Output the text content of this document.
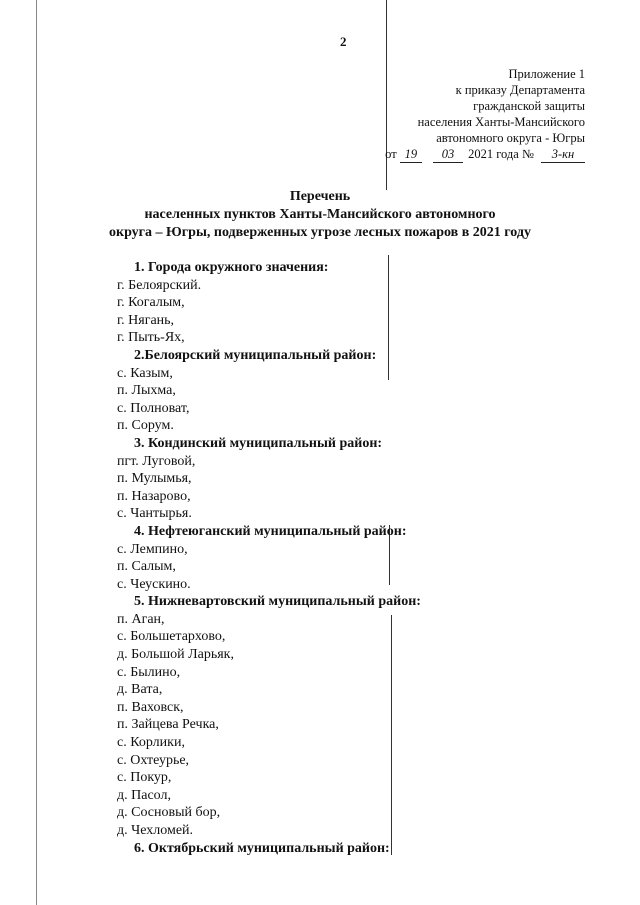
2
Приложение 1
к приказу Департамента
гражданской защиты
населения Ханты-Мансийского
автономного округа - Югры
от 19 03 2021 года № 3-кн
Перечень
населенных пунктов Ханты-Мансийского автономного
округа – Югры, подверженных угрозе лесных пожаров в 2021 году
1. Города окружного значения:
г. Белоярский.
г. Когалым,
г. Нягань,
г. Пыть-Ях,
2.Белоярский муниципальный район:
с. Казым,
п. Лыхма,
с. Полноват,
п. Сорум.
3. Кондинский муниципальный район:
пгт. Луговой,
п. Мулымья,
п. Назарово,
с. Чантырья.
4. Нефтеюганский муниципальный район:
с. Лемпино,
п. Салым,
с. Чеускино.
5. Нижневартовский муниципальный район:
п. Аган,
с. Большетархово,
д. Большой Ларьяк,
с. Былино,
д. Вата,
п. Ваховск,
п. Зайцева Речка,
с. Корлики,
с. Охтеурье,
с. Покур,
д. Пасол,
д. Сосновый бор,
д. Чехломей.
6. Октябрьский муниципальный район:
